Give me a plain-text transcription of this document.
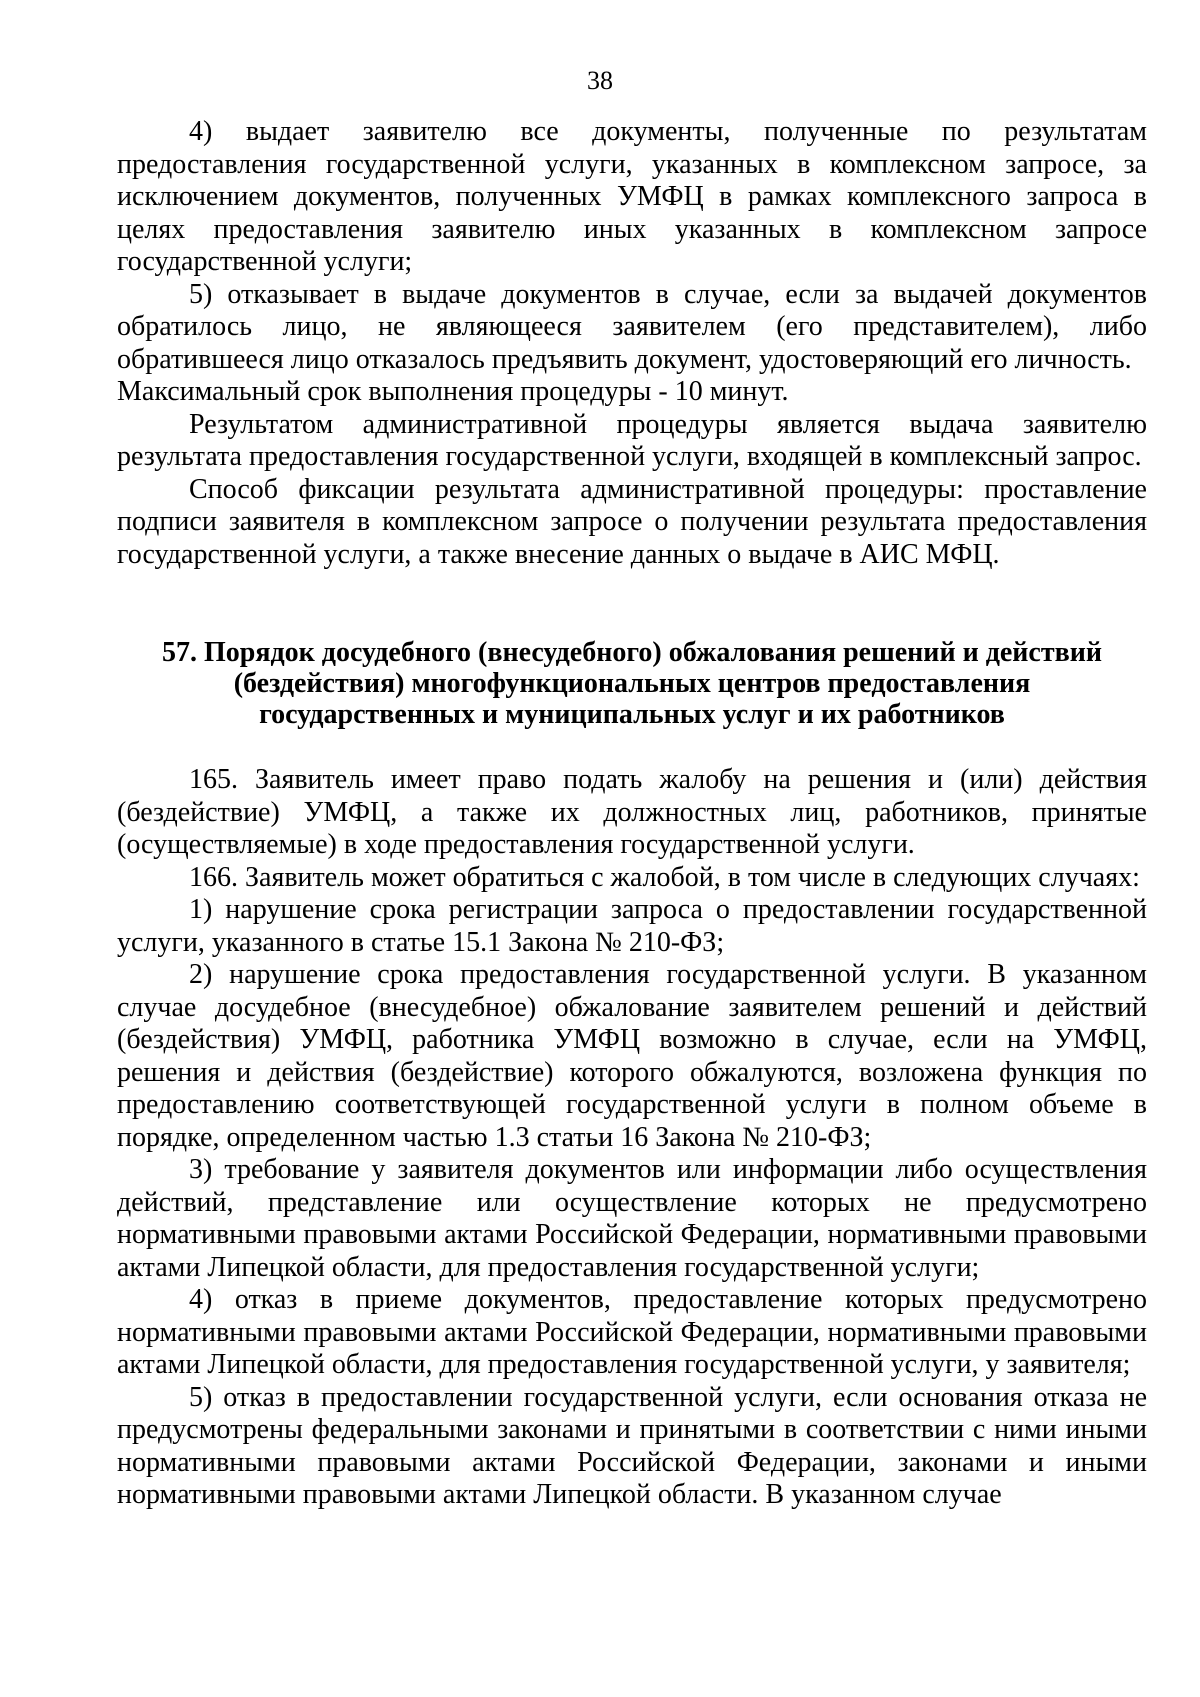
38

4) выдает заявителю все документы, полученные по результатам предоставления государственной услуги, указанных в комплексном запросе, за исключением документов, полученных УМФЦ в рамках комплексного запроса в целях предоставления заявителю иных указанных в комплексном запросе государственной услуги;

5) отказывает в выдаче документов в случае, если за выдачей документов обратилось лицо, не являющееся заявителем (его представителем), либо обратившееся лицо отказалось предъявить документ, удостоверяющий его личность.

Максимальный срок выполнения процедуры - 10 минут.

Результатом административной процедуры является выдача заявителю результата предоставления государственной услуги, входящей в комплексный запрос.

Способ фиксации результата административной процедуры: проставление подписи заявителя в комплексном запросе о получении результата предоставления государственной услуги, а также внесение данных о выдаче в АИС МФЦ.

57. Порядок досудебного (внесудебного) обжалования решений и действий
(бездействия) многофункциональных центров предоставления
государственных и муниципальных услуг и их работников

165. Заявитель имеет право подать жалобу на решения и (или) действия (бездействие) УМФЦ, а также их должностных лиц, работников, принятые (осуществляемые) в ходе предоставления государственной услуги.

166. Заявитель может обратиться с жалобой, в том числе в следующих случаях:

1) нарушение срока регистрации запроса о предоставлении государственной услуги, указанного в статье 15.1 Закона № 210-ФЗ;

2) нарушение срока предоставления государственной услуги. В указанном случае досудебное (внесудебное) обжалование заявителем решений и действий (бездействия) УМФЦ, работника УМФЦ возможно в случае, если на УМФЦ, решения и действия (бездействие) которого обжалуются, возложена функция по предоставлению соответствующей государственной услуги в полном объеме в порядке, определенном частью 1.3 статьи 16 Закона № 210-ФЗ;

3) требование у заявителя документов или информации либо осуществления действий, представление или осуществление которых не предусмотрено нормативными правовыми актами Российской Федерации, нормативными правовыми актами Липецкой области, для предоставления государственной услуги;

4) отказ в приеме документов, предоставление которых предусмотрено нормативными правовыми актами Российской Федерации, нормативными правовыми актами Липецкой области, для предоставления государственной услуги, у заявителя;

5) отказ в предоставлении государственной услуги, если основания отказа не предусмотрены федеральными законами и принятыми в соответствии с ними иными нормативными правовыми актами Российской Федерации, законами и иными нормативными правовыми актами Липецкой области. В указанном случае
